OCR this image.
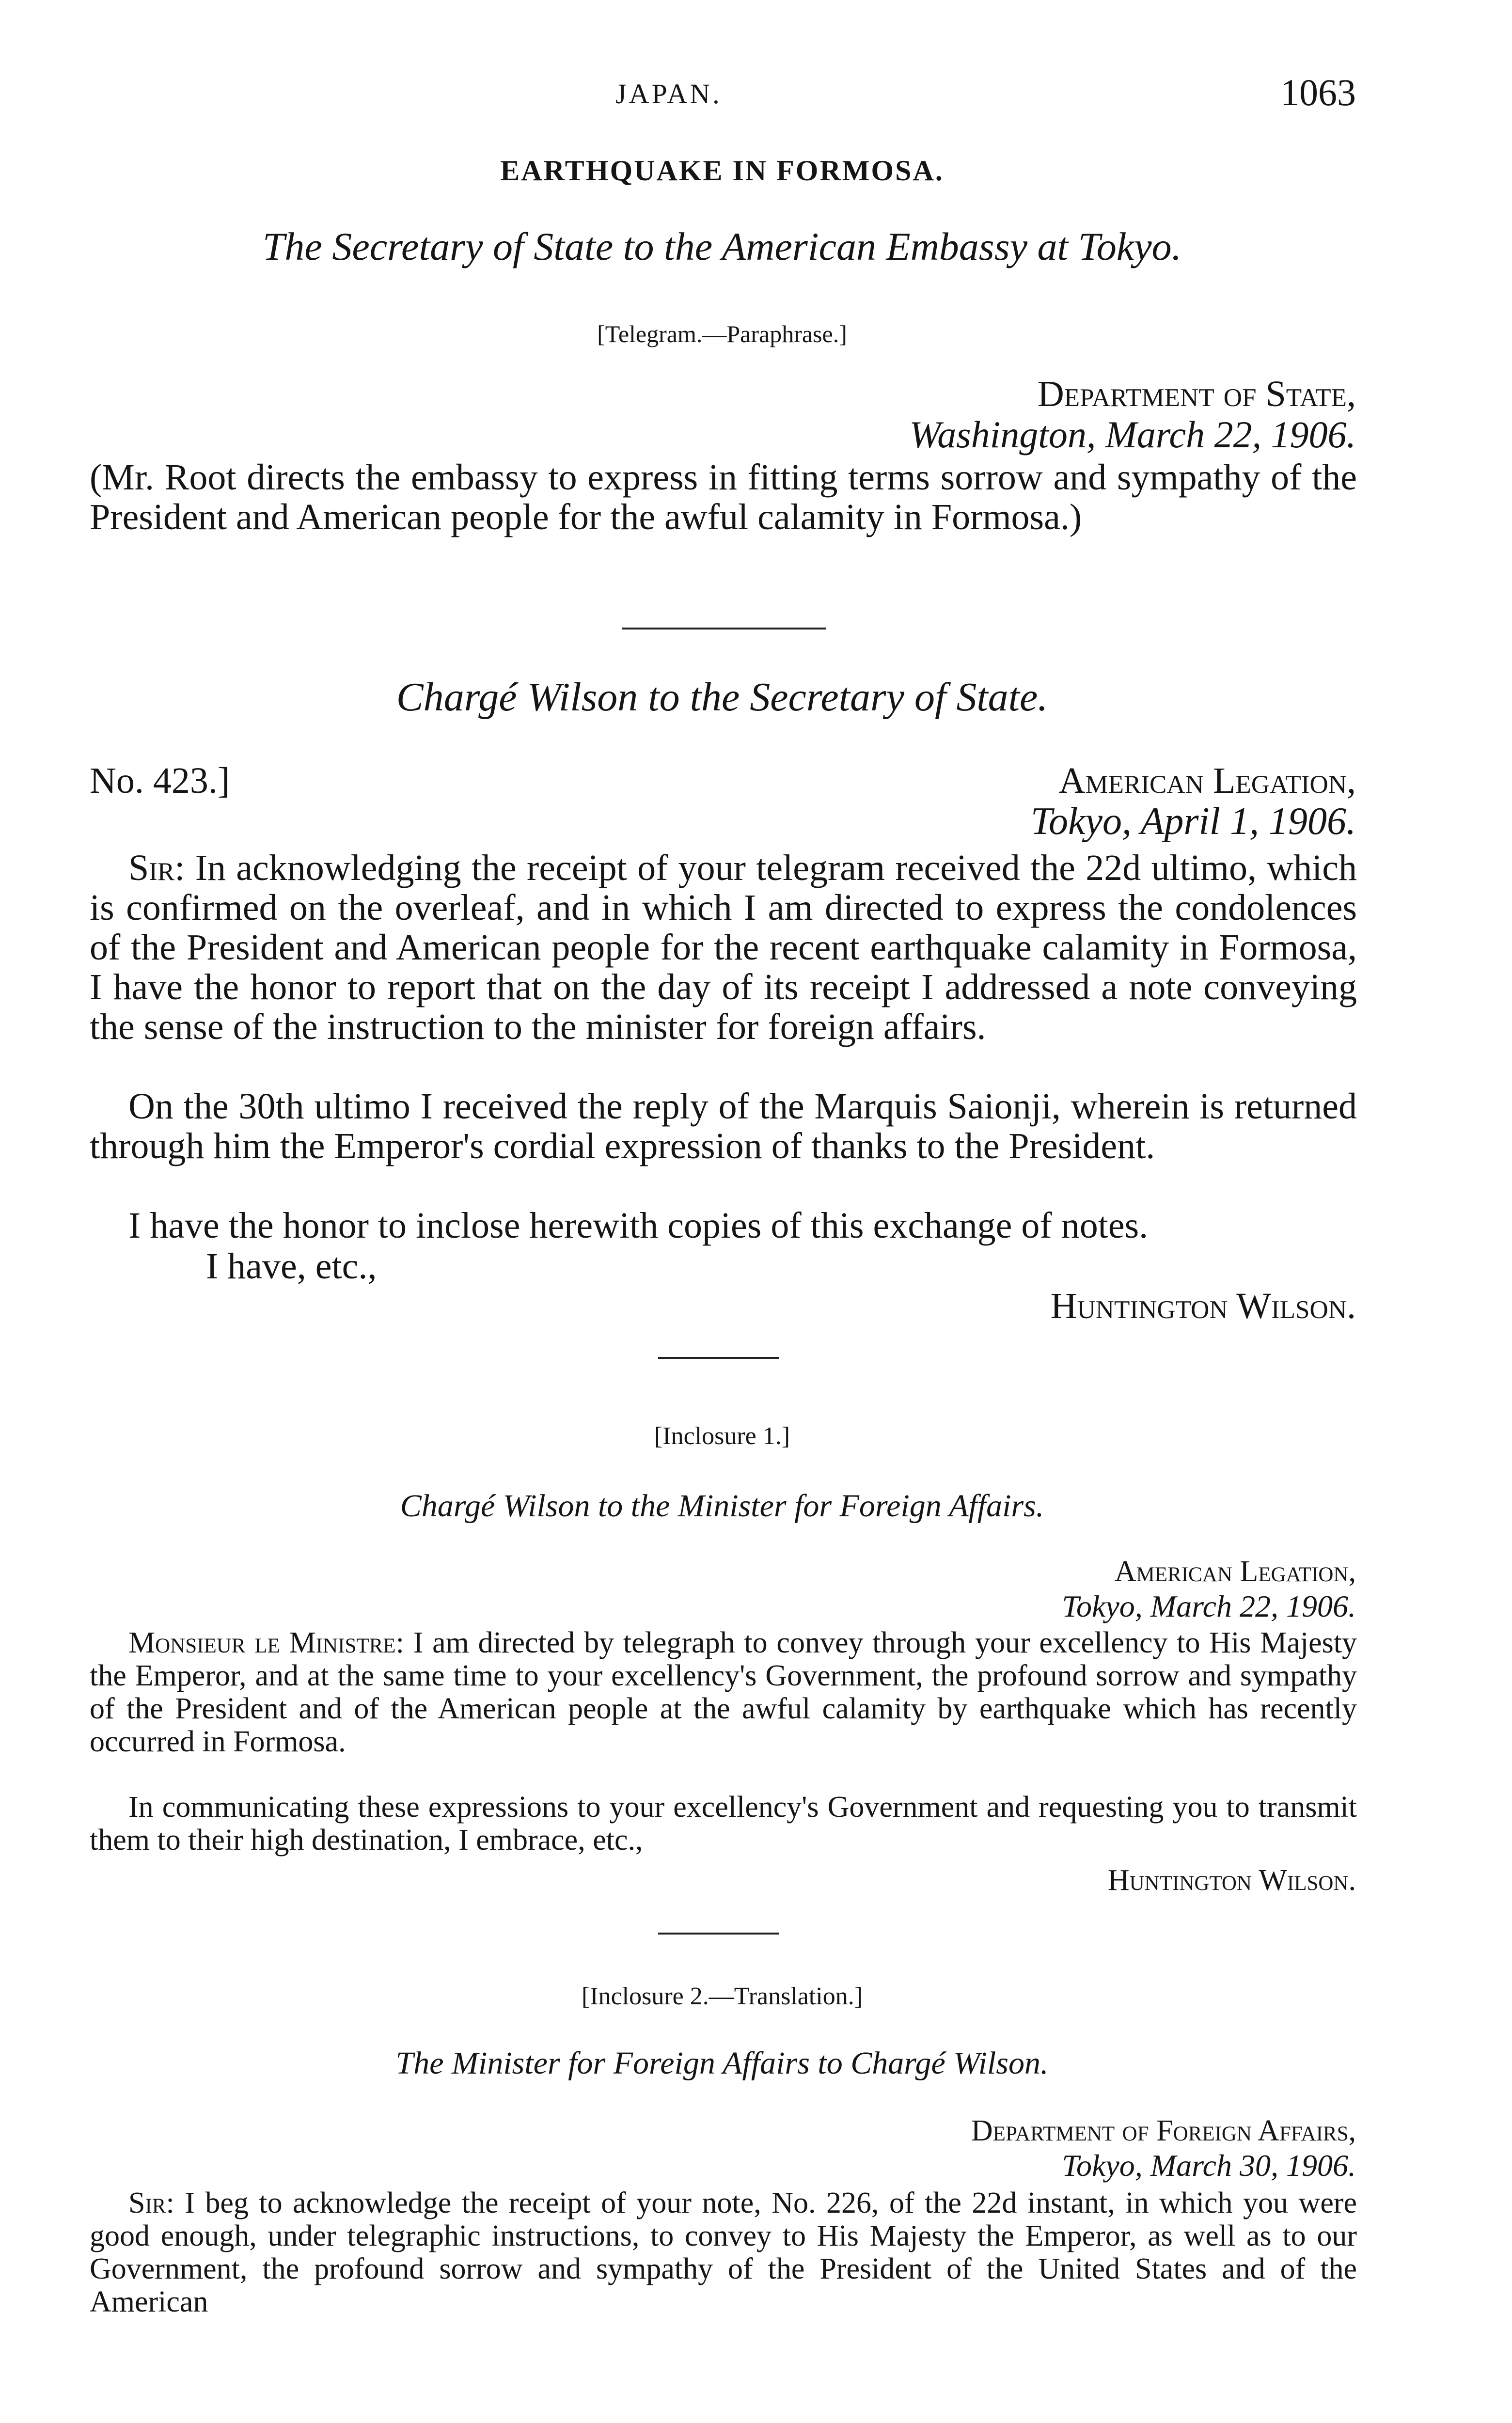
JAPAN.	1063
EARTHQUAKE IN FORMOSA.
The Secretary of State to the American Embassy at Tokyo.
[Telegram.—Paraphrase.]
Department of State,
Washington, March 22, 1906.

(Mr. Root directs the embassy to express in fitting terms sorrow and sympathy of the President and American people for the awful calamity in Formosa.)

Chargé Wilson to the Secretary of State.
No. 423.]	American Legation,
Tokyo, April 1, 1906.

Sir: In acknowledging the receipt of your telegram received the 22d ultimo, which is confirmed on the overleaf, and in which I am directed to express the condolences of the President and American people for the recent earthquake calamity in Formosa, I have the honor to report that on the day of its receipt I addressed a note conveying the sense of the instruction to the minister for foreign affairs.

On the 30th ultimo I received the reply of the Marquis Saionji, wherein is returned through him the Emperor's cordial expression of thanks to the President.

I have the honor to inclose herewith copies of this exchange of notes.

I have, etc.,
Huntington Wilson.
[Inclosure 1.]
Chargé Wilson to the Minister for Foreign Affairs.
American Legation,
Tokyo, March 22, 1906.

Monsieur le Ministre: I am directed by telegraph to convey through your excellency to His Majesty the Emperor, and at the same time to your excellency's Government, the profound sorrow and sympathy of the President and of the American people at the awful calamity by earthquake which has recently occurred in Formosa.

In communicating these expressions to your excellency's Government and requesting you to transmit them to their high destination, I embrace, etc.,

Huntington Wilson.
[Inclosure 2.—Translation.]
The Minister for Foreign Affairs to Chargé Wilson.
Department of Foreign Affairs,
Tokyo, March 30, 1906.

Sir: I beg to acknowledge the receipt of your note, No. 226, of the 22d instant, in which you were good enough, under telegraphic instructions, to convey to His Majesty the Emperor, as well as to our Government, the profound sorrow and sympathy of the President of the United States and of the American
